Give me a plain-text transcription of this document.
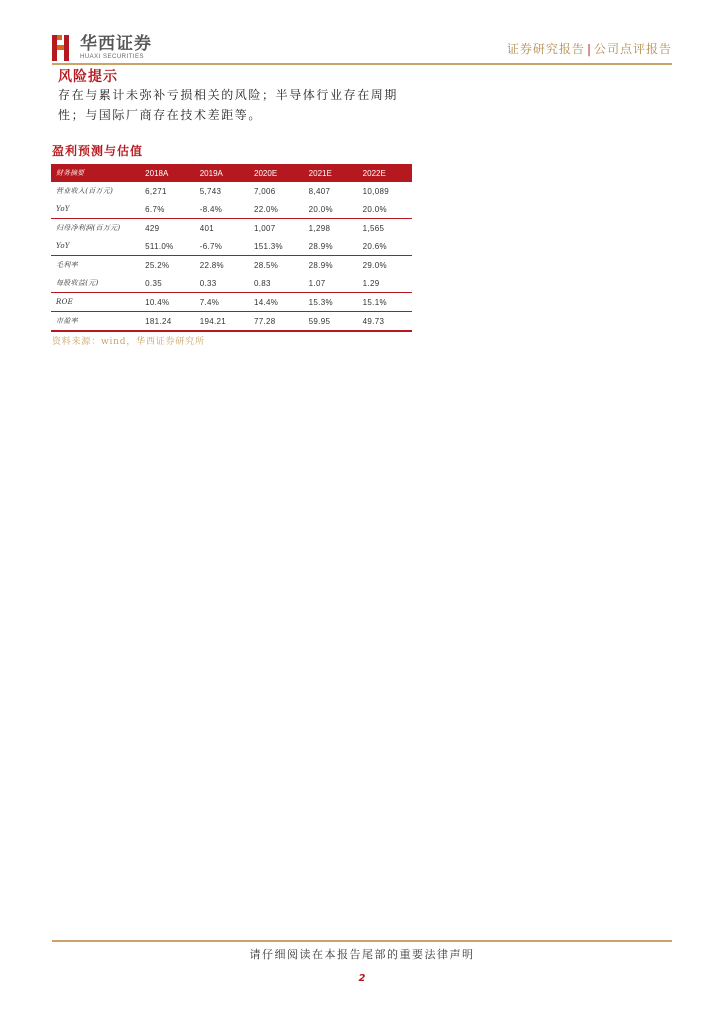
华西证券
HUAXI SECURITIES
证券研究报告 | 公司点评报告
风险提示
存在与累计未弥补亏损相关的风险；半导体行业存在周期性；与国际厂商存在技术差距等。
盈利预测与估值
财务摘要	2018A	2019A	2020E	2021E	2022E
营业收入(百万元)	6,271	5,743	7,006	8,407	10,089
YoY	6.7%	-8.4%	22.0%	20.0%	20.0%
归母净利润(百万元)	429	401	1,007	1,298	1,565
YoY	511.0%	-6.7%	151.3%	28.9%	20.6%
毛利率	25.2%	22.8%	28.5%	28.9%	29.0%
每股收益(元)	0.35	0.33	0.83	1.07	1.29
ROE	10.4%	7.4%	14.4%	15.3%	15.1%
市盈率	181.24	194.21	77.28	59.95	49.73
资料来源：wind，华西证券研究所
请仔细阅读在本报告尾部的重要法律声明
2
